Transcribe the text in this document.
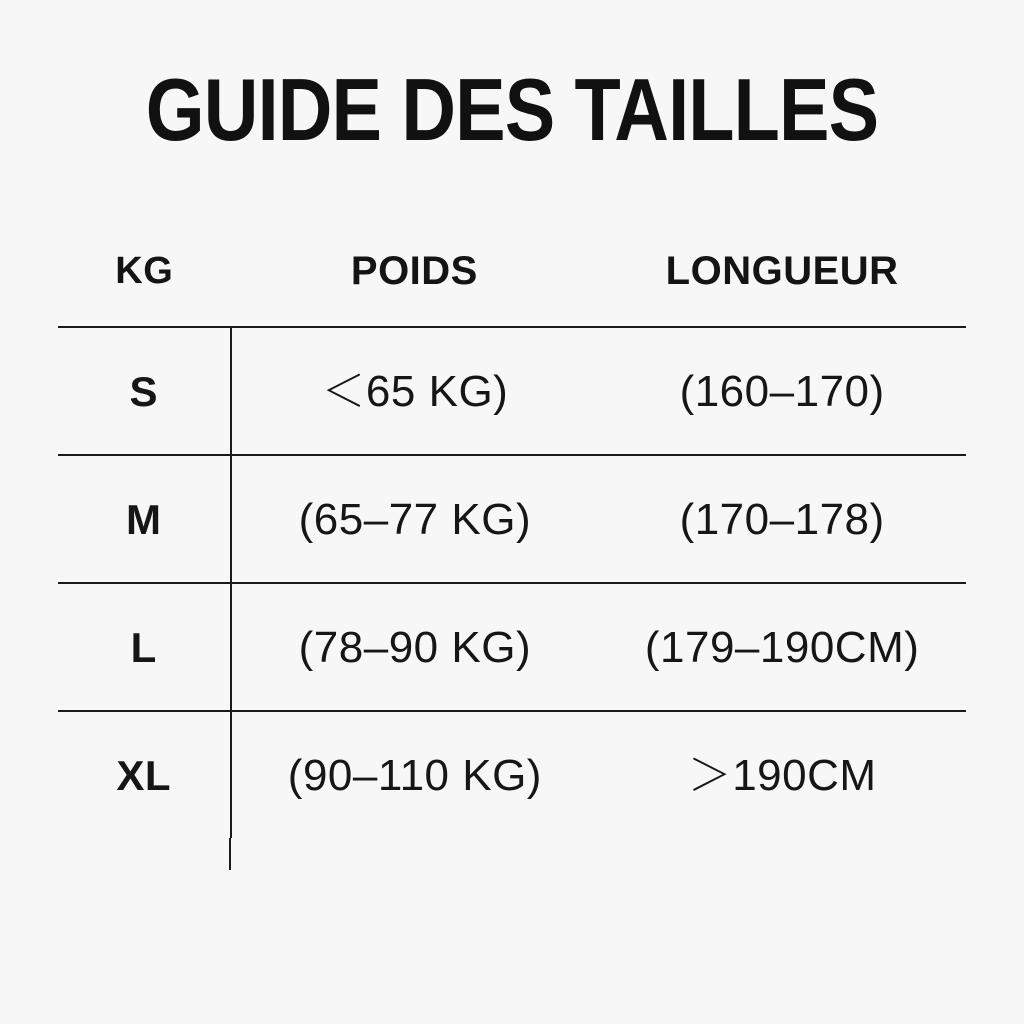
GUIDE DES TAILLES
KG	POIDS	LONGUEUR
S	＜65 KG)	(160–170)
M	(65–77 KG)	(170–178)
L	(78–90 KG)	(179–190CM)
XL	(90–110 KG)	＞190CM
